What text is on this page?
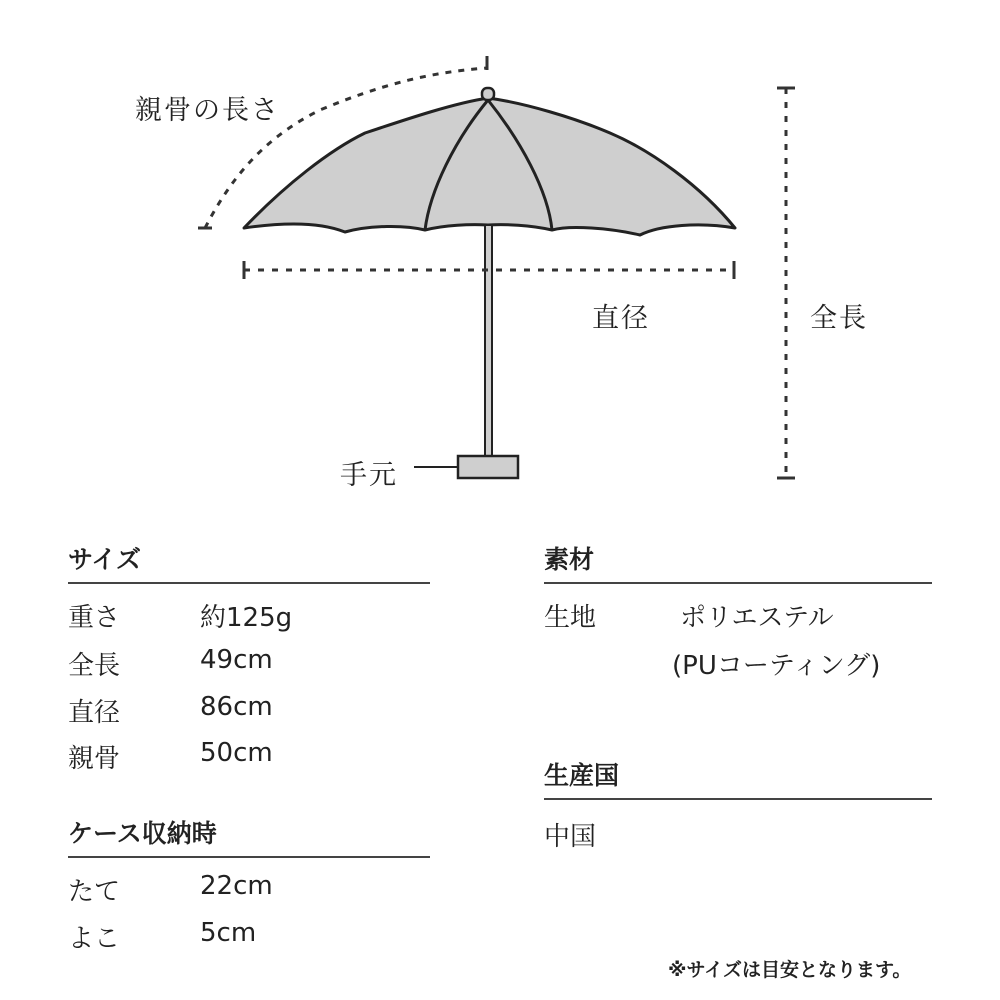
親骨の長さ
直径	全長
手元
サイズ
重さ	約125g
全長	49cm
直径	86cm
親骨	50cm
ケース収納時
たて	22cm
よこ	5cm
素材
生地	ポリエステル
(PUコーティング)
生産国
中国
※サイズは目安となります。
